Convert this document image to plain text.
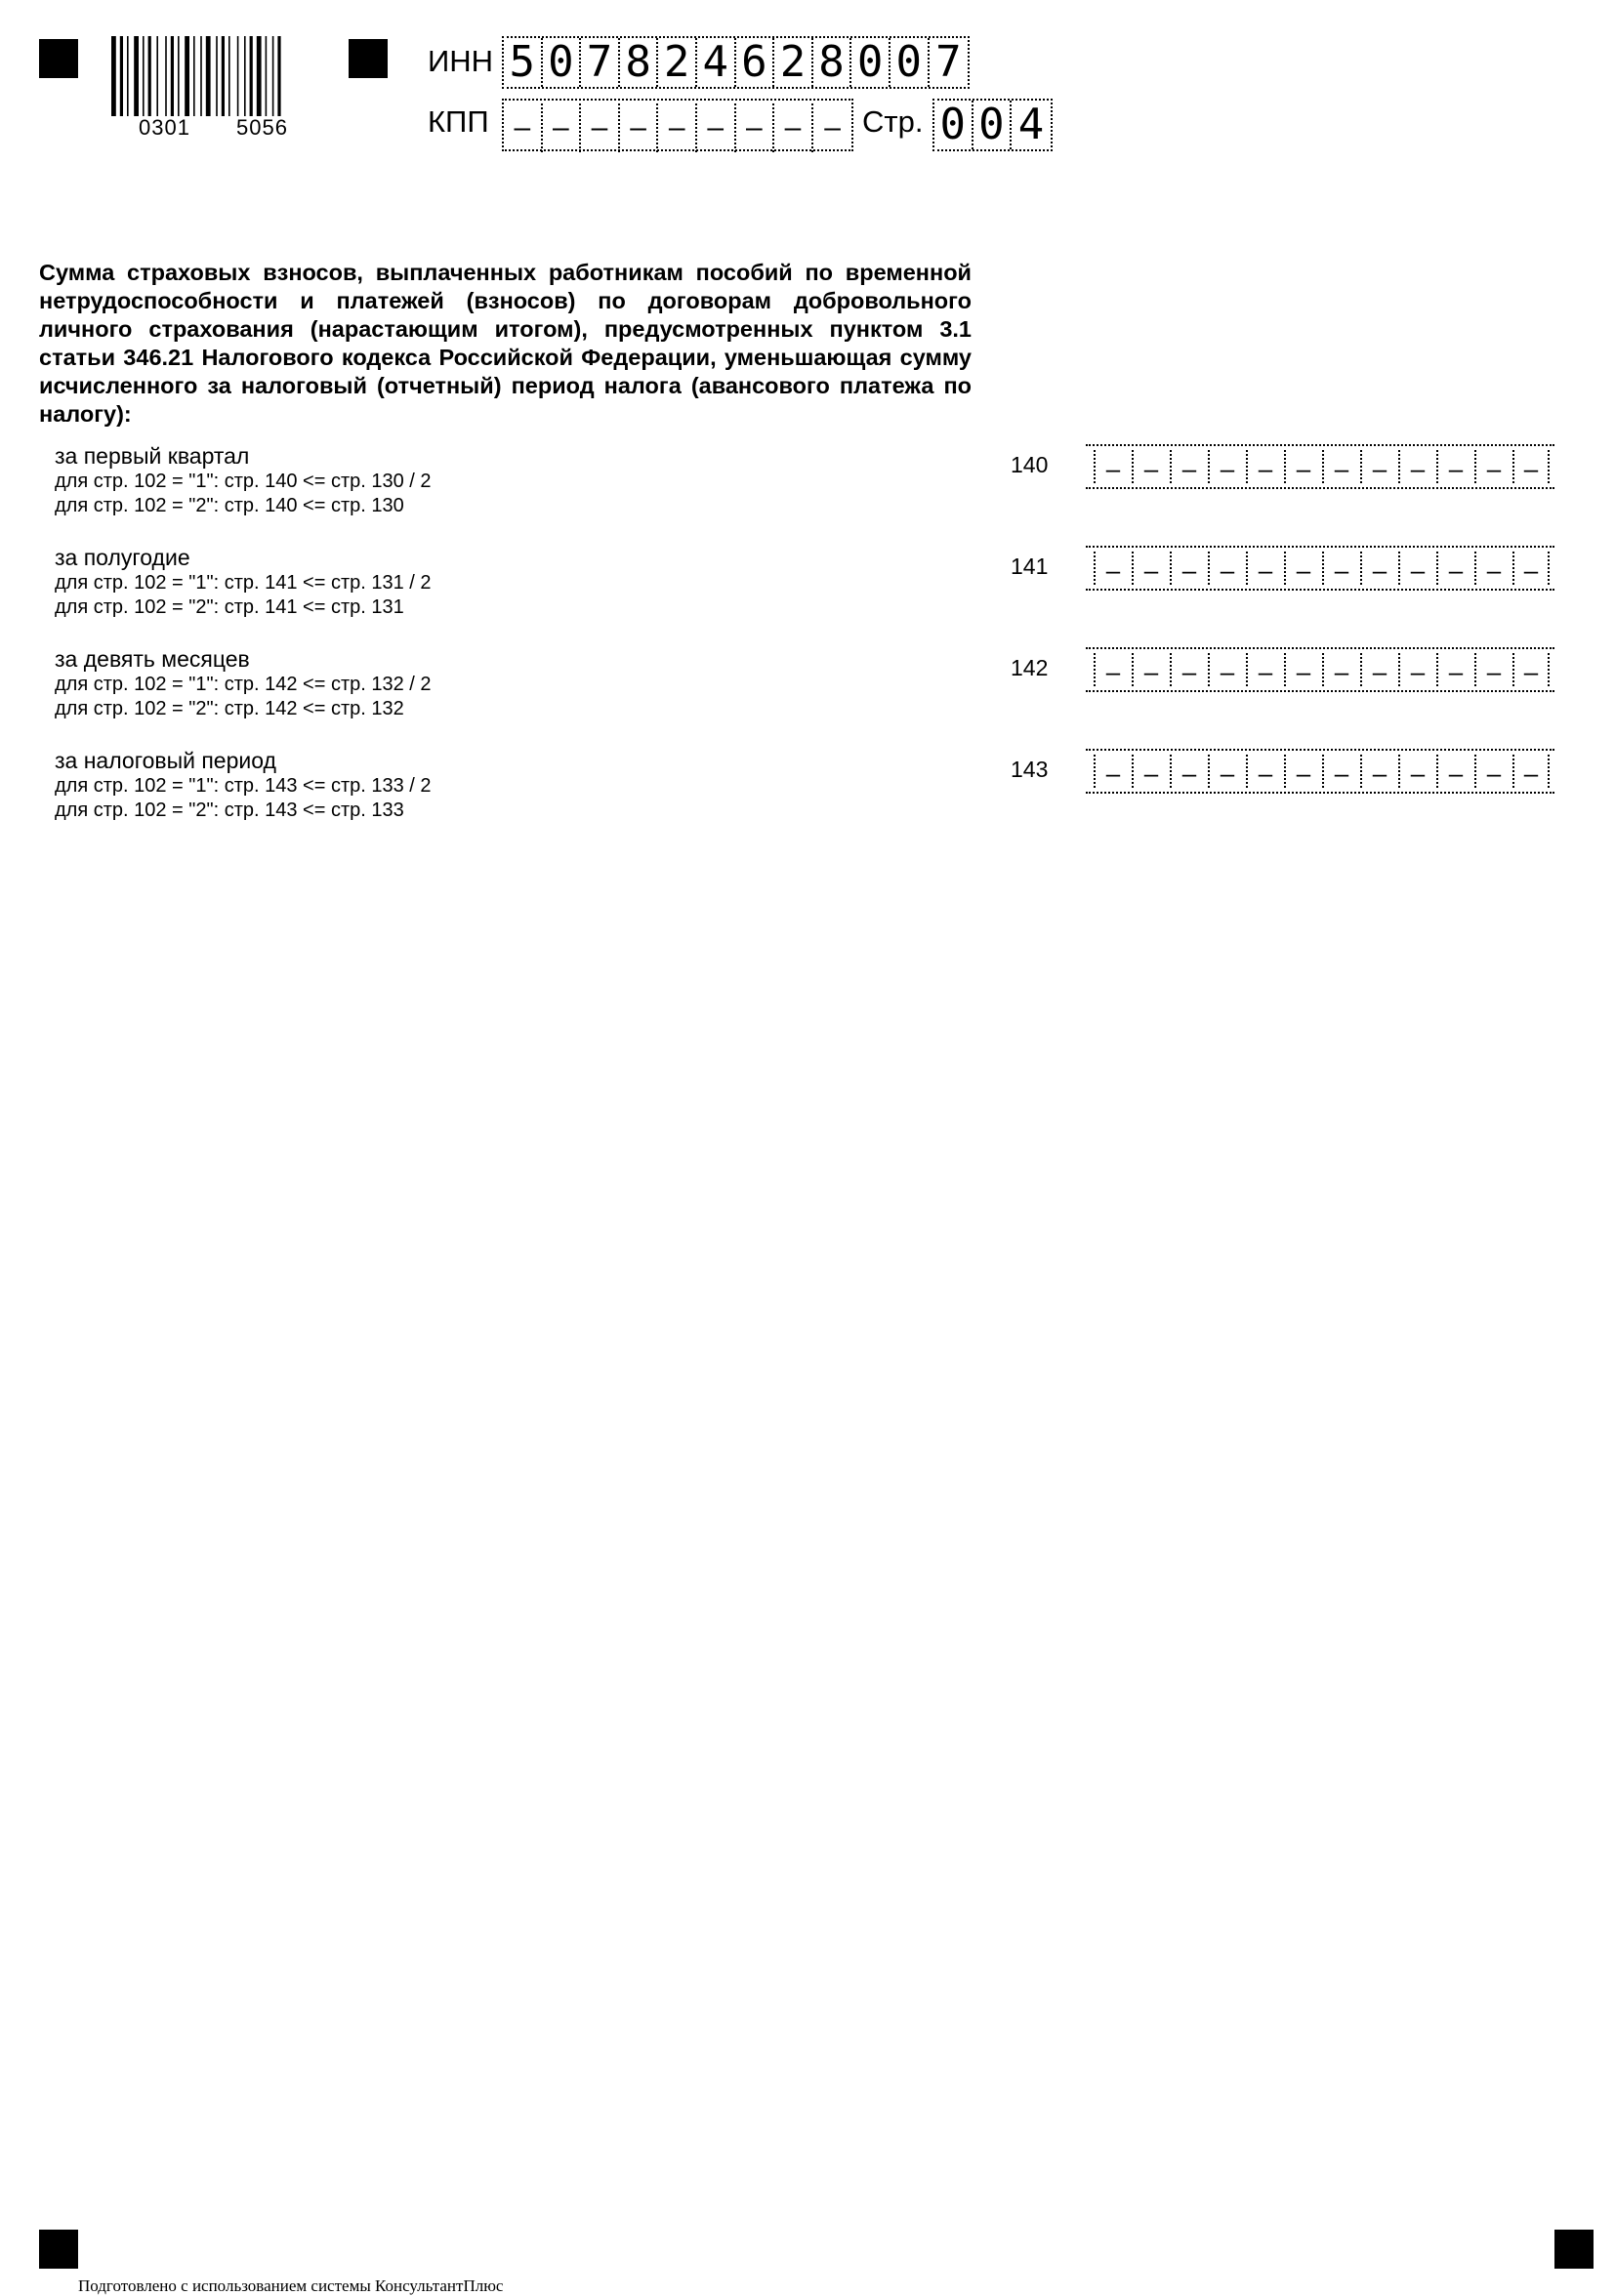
0301 5056
ИНН 5 0 7 8 2 4 6 2 8 0 0 7
КПП – – – – – – – – – Стр. 0 0 4
Сумма страховых взносов, выплаченных работникам пособий по временной нетрудоспособности и платежей (взносов) по договорам добровольного личного страхования (нарастающим итогом), предусмотренных пунктом 3.1 статьи 346.21 Налогового кодекса Российской Федерации, уменьшающая сумму исчисленного за налоговый (отчетный) период налога (авансового платежа по налогу):
за первый квартал
для стр. 102 = "1": стр. 140 <= стр. 130 / 2
для стр. 102 = "2": стр. 140 <= стр. 130
140	– – – – – – – – – – – –
за полугодие
для стр. 102 = "1": стр. 141 <= стр. 131 / 2
для стр. 102 = "2": стр. 141 <= стр. 131
141	– – – – – – – – – – – –
за девять месяцев
для стр. 102 = "1": стр. 142 <= стр. 132 / 2
для стр. 102 = "2": стр. 142 <= стр. 132
142	– – – – – – – – – – – –
за налоговый период
для стр. 102 = "1": стр. 143 <= стр. 133 / 2
для стр. 102 = "2": стр. 143 <= стр. 133
143	– – – – – – – – – – – –
Подготовлено с использованием системы КонсультантПлюс
